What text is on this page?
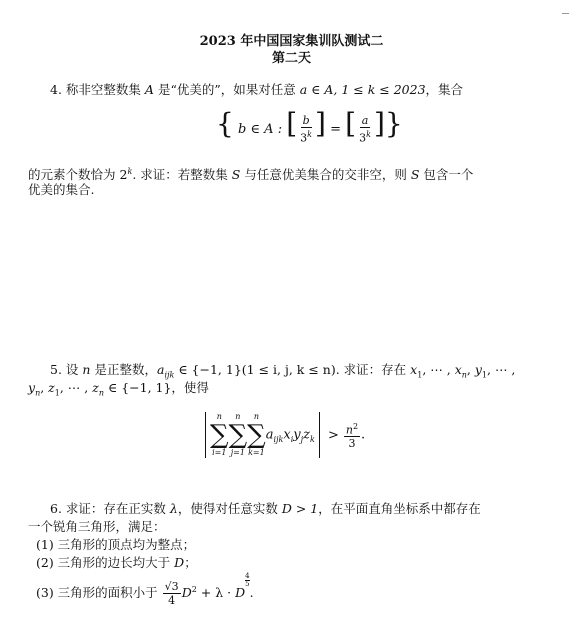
2023 年中国国家集训队测试二
第二天
4. 称非空整数集 A 是“优美的”，如果对任意 a ∈ A, 1 ≤ k ≤ 2023，集合
{ b ∈ A : [ $\frac{b}{3^k}$ ] = [ $\frac{a}{3^k}$ ]}
的元素个数恰为 2$^k$. 求证：若整数集 S 与任意优美集合的交非空，则 S 包含一个
优美的集合.
5. 设 n 是正整数，$a_{ijk}$ ∈ {−1, 1}(1 ≤ i, j, k ≤ n). 求证：存在 $x_1$, ⋯ , $x_n$, $y_1$, ⋯ ,
$y_n$, $z_1$, ⋯ , $z_n$ ∈ {−1, 1}，使得
n
∑
i=1
n
∑
j=1
n
∑
k=1
$a_{ijk}x_iy_jz_k > \frac{n^2}{3}$ .
6. 求证：存在正实数 λ，使得对任意实数 D > 1，在平面直角坐标系中都存在
一个锐角三角形，满足：
(1) 三角形的顶点均为整点；
(2) 三角形的边长均大于 D；
(3) 三角形的面积小于 $\frac{√3}{4} D^2 + \lambda \cdot D$
$^{\frac{4}{5}}$
.
